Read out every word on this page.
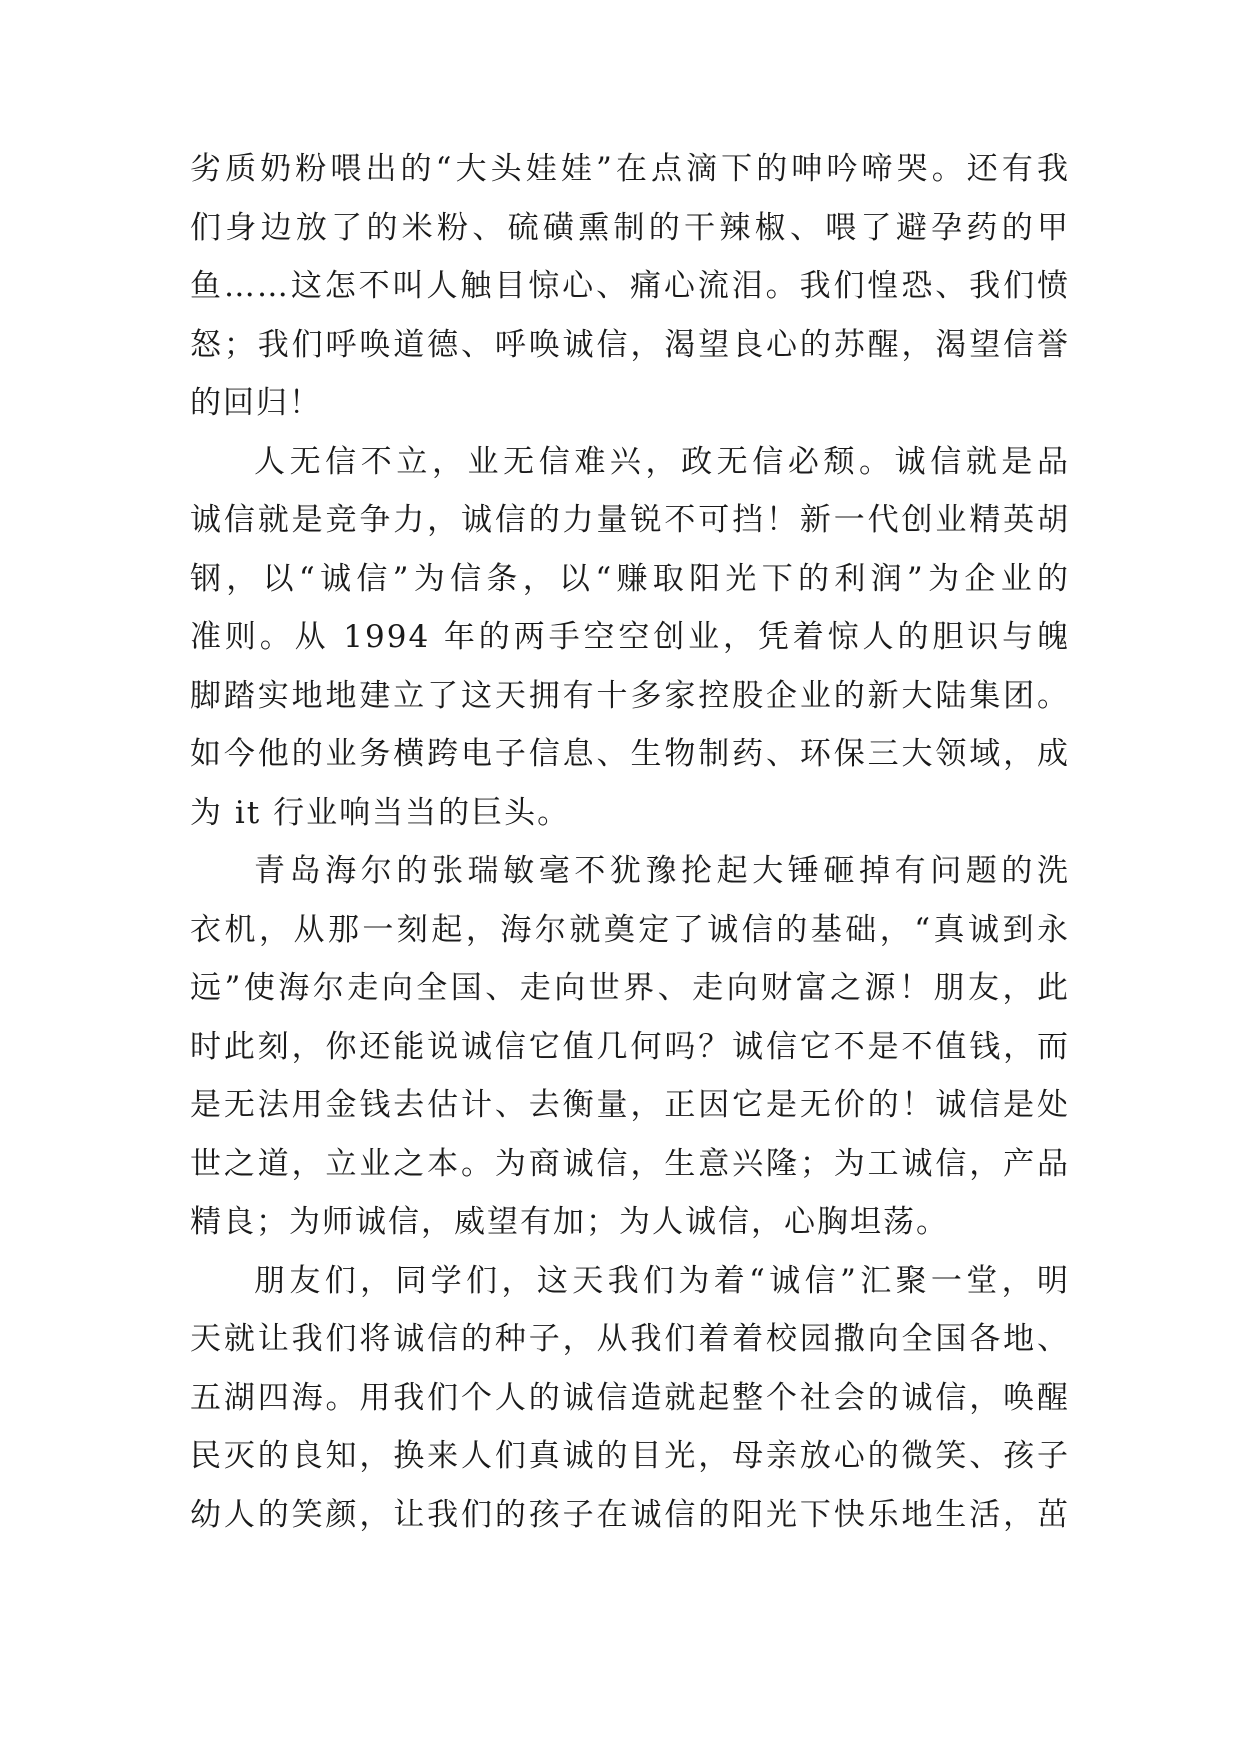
劣质奶粉喂出的“大头娃娃”在点滴下的呻吟啼哭。还有我
们身边放了的米粉、硫磺熏制的干辣椒、喂了避孕药的甲
鱼……这怎不叫人触目惊心、痛心流泪。我们惶恐、我们愤
怒；我们呼唤道德、呼唤诚信，渴望良心的苏醒，渴望信誉
的回归！
人无信不立，业无信难兴，政无信必颓。诚信就是品
诚信就是竞争力，诚信的力量锐不可挡！新一代创业精英胡
钢，以“诚信”为信条，以“赚取阳光下的利润”为企业的
准则。从 1994 年的两手空空创业，凭着惊人的胆识与魄
脚踏实地地建立了这天拥有十多家控股企业的新大陆集团。
如今他的业务横跨电子信息、生物制药、环保三大领域，成
为 it 行业响当当的巨头。
青岛海尔的张瑞敏毫不犹豫抡起大锤砸掉有问题的洗
衣机，从那一刻起，海尔就奠定了诚信的基础，“真诚到永
远”使海尔走向全国、走向世界、走向财富之源！朋友，此
时此刻，你还能说诚信它值几何吗？诚信它不是不值钱，而
是无法用金钱去估计、去衡量，正因它是无价的！诚信是处
世之道，立业之本。为商诚信，生意兴隆；为工诚信，产品
精良；为师诚信，威望有加；为人诚信，心胸坦荡。
朋友们，同学们，这天我们为着“诚信”汇聚一堂，明
天就让我们将诚信的种子，从我们着着校园撒向全国各地、
五湖四海。用我们个人的诚信造就起整个社会的诚信，唤醒
民灭的良知，换来人们真诚的目光，母亲放心的微笑、孩子
幼人的笑颜，让我们的孩子在诚信的阳光下快乐地生活，茁
